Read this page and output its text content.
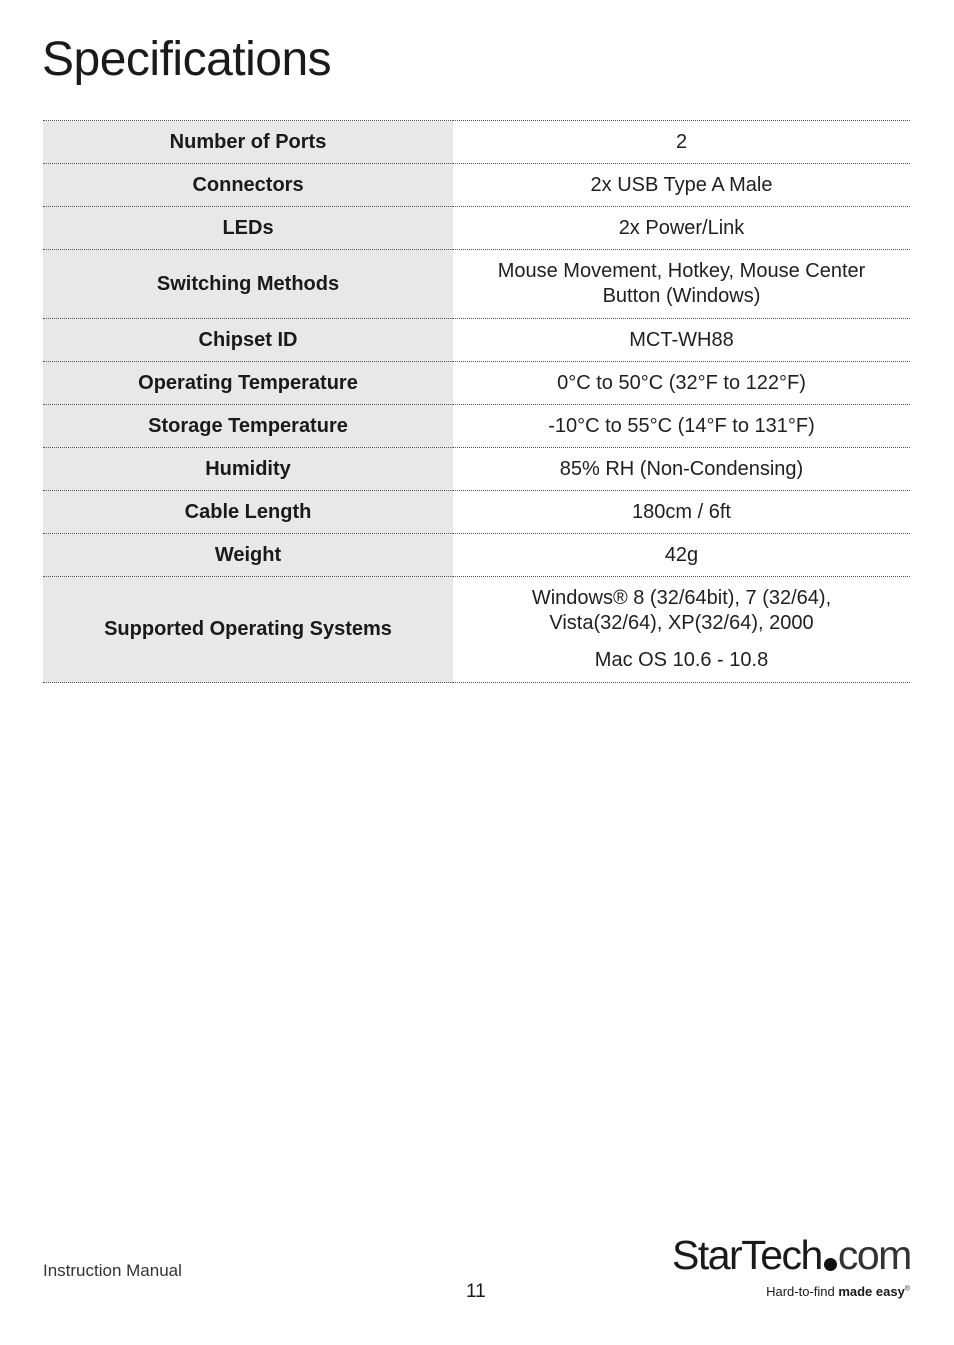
Specifications
Number of Ports	2

Connectors	2x USB Type A Male

LEDs	2x Power/Link

Switching Methods	Mouse Movement, Hotkey, Mouse Center
Button (Windows)

Chipset ID	MCT-WH88

Operating Temperature	0°C to 50°C (32°F to 122°F)

Storage Temperature	-10°C to 55°C (14°F to 131°F)

Humidity	85% RH (Non-Condensing)

Cable Length	180cm / 6ft

Weight	42g

Supported Operating Systems	Windows® 8 (32/64bit), 7 (32/64),
Vista(32/64), XP(32/64), 2000
Mac OS 10.6 - 10.8
Instruction Manual
11
StarTech com
Hard-to-find made easy®
